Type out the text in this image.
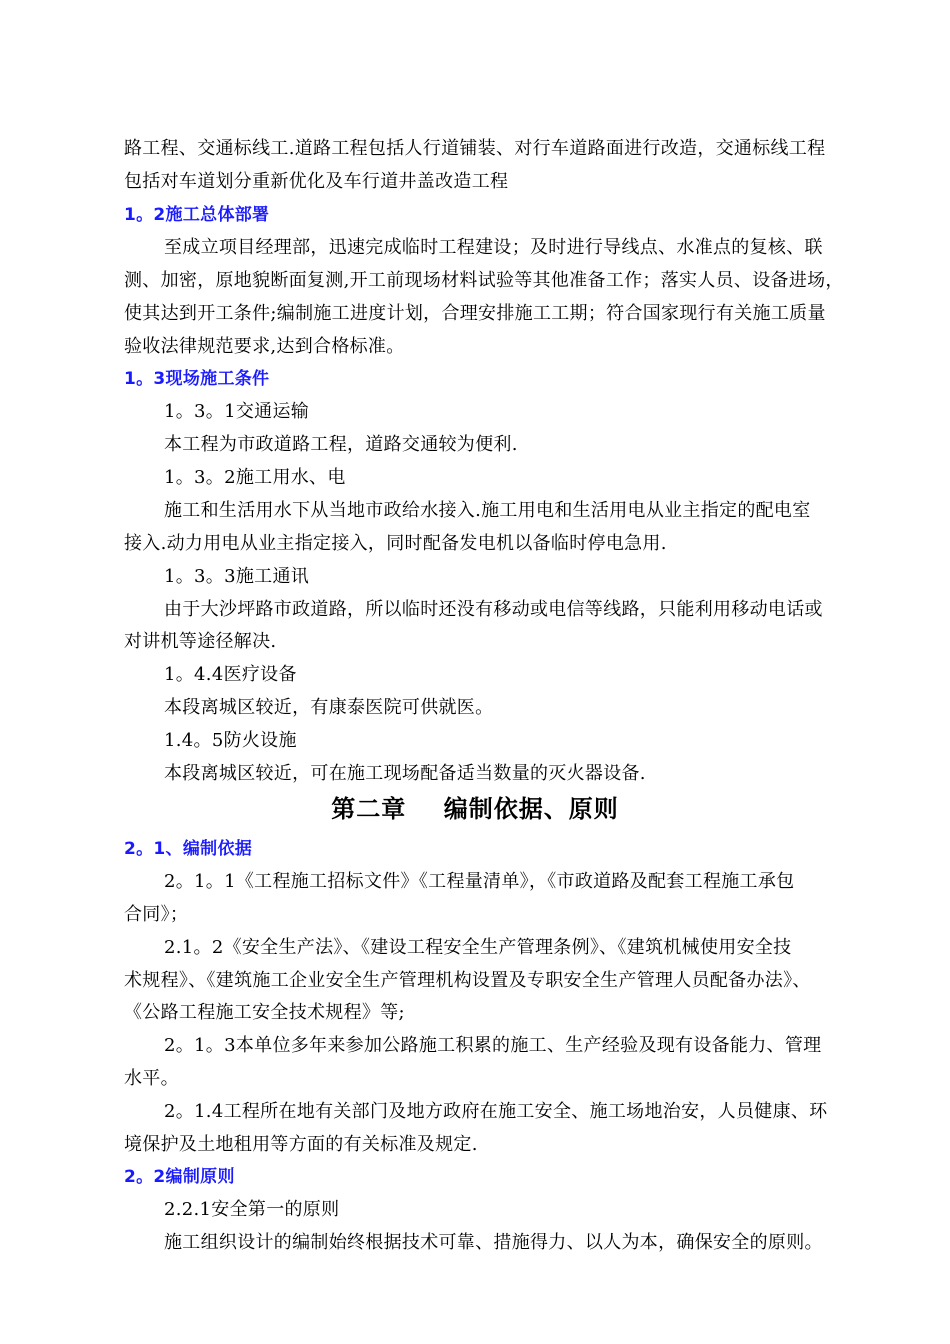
路工程、交通标线工.道路工程包括人行道铺装、对行车道路面进行改造，交通标线工程
包括对车道划分重新优化及车行道井盖改造工程
1。2施工总体部署
至成立项目经理部，迅速完成临时工程建设；及时进行导线点、水准点的复核、联
测、加密，原地貌断面复测,开工前现场材料试验等其他准备工作；落实人员、设备进场，
使其达到开工条件;编制施工进度计划，合理安排施工工期；符合国家现行有关施工质量
验收法律规范要求,达到合格标准。
1。3现场施工条件
1。3。1交通运输
本工程为市政道路工程，道路交通较为便利.
1。3。2施工用水、电
施工和生活用水下从当地市政给水接入.施工用电和生活用电从业主指定的配电室
接入.动力用电从业主指定接入，同时配备发电机以备临时停电急用.
1。3。3施工通讯
由于大沙坪路市政道路，所以临时还没有移动或电信等线路，只能利用移动电话或
对讲机等途径解决.
1。4.4医疗设备
本段离城区较近，有康泰医院可供就医。
1.4。5防火设施
本段离城区较近，可在施工现场配备适当数量的灭火器设备.
第二章    编制依据、原则
2。1、编制依据
2。1。1《工程施工招标文件》《工程量清单》，《市政道路及配套工程施工承包
合同》；
2.1。2《安全生产法》、《建设工程安全生产管理条例》、《建筑机械使用安全技
术规程》、《建筑施工企业安全生产管理机构设置及专职安全生产管理人员配备办法》、
《公路工程施工安全技术规程》等;
2。1。3本单位多年来参加公路施工积累的施工、生产经验及现有设备能力、管理
水平。
2。1.4工程所在地有关部门及地方政府在施工安全、施工场地治安，人员健康、环
境保护及土地租用等方面的有关标准及规定.
2。2编制原则
2.2.1安全第一的原则
施工组织设计的编制始终根据技术可靠、措施得力、以人为本，确保安全的原则。
